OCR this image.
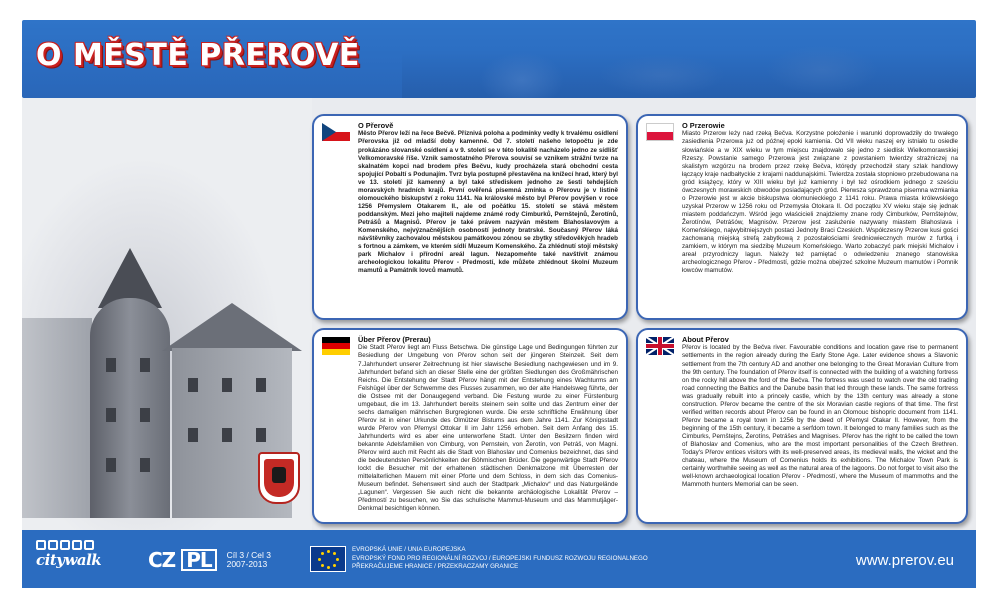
O MĚSTĚ PŘEROVĚ
O Přerově

Město Přerov leží na řece Bečvě. Příznivá poloha a podmínky vedly k trvalému osídlení Přerovska již od mladší doby kamenné. Od 7. století našeho letopočtu je zde prokázáno slovanské osídlení a v 9. století se v této lokalitě nacházelo jedno ze sídlišť Velkomoravské říše. Vznik samostatného Přerova souvisí se vznikem strážní tvrze na skalnatém kopci nad brodem přes Bečvu, kudy procházela stará obchodní cesta spojující Pobaltí s Podunajím. Tvrz byla postupně přestavěna na knížecí hrad, který byl ve 13. století již kamenný a byl také střediskem jednoho ze šesti tehdejších moravských hradních krajů. První ověřená písemná zmínka o Přerovu je v listině olomouckého biskupství z roku 1141. Na královské město byl Přerov povýšen v roce 1256 Přemyslem Otakarem II., ale od počátku 15. století se stává městem poddanským. Mezi jeho majiteli najdeme známé rody Cimburků, Pernštejnů, Žerotínů, Petrášů a Magnisů. Přerov je také právem nazýván městem Blahoslavovým a Komenského, nejvýznačnějších osobností jednoty bratrské. Současný Přerov láká návštěvníky zachovalou městskou památkovou zónou se zbytky středověkých hradeb s fortnou a zámkem, ve kterém sídlí Muzeum Komenského. Za zhlédnutí stojí městský park Michalov i přírodní areál lagun. Nezapomeňte také navštívit známou archeologickou lokalitu Přerov - Předmostí, kde můžete zhlédnout školní Muzeum mamutů a Památník lovců mamutů.

O Przerowie

Miasto Przerow leży nad rzeką Bečva. Korzystne położenie i warunki doprowadziły do trwałego zasiedlenia Przerowa już od późnej epoki kamienia. Od VII wieku naszej ery istniało tu osiedle słowiańskie a w XIX wieku w tym miejscu znajdowało się jedno z siedlisk Wielkomorawskiej Rzeszy. Powstanie samego Przerowa jest związane z powstaniem twierdzy strażniczej na skalistym wzgórzu na brodem przez rzekę Bečva, którędy przechodził stary szlak handlowy łączący kraje nadbałtyckie z krajami naddunajskimi. Twierdza została stopniowo przebudowana na gród książęcy, który w XIII wieku był już kamienny i był też ośrodkiem jednego z sześciu ówczesnych morawskich obwodów posiadających gród. Pierwsza sprawdzona pisemna wzmianka o Przerowie jest w akcie biskupstwa ołomunieckiego z 1141 roku. Prawa miasta królewskiego uzyskał Przerow w 1256 roku od Przemysła Otokara II. Od początku XV wieku staje się jednak miastem poddańczym. Wśród jego właścicieli znajdziemy znane rody Cimburków, Pernštejnów, Žerotínów, Petrášów, Magnisów. Przerow jest zasłużenie nazywany miastem Blahoslava i Komeńskiego, najwybitniejszych postaci Jednoty Braci Czeskich. Współczesny Przerow kusi gości zachowaną miejską strefą zabytkową z pozostałościami średniowiecznych murów z furtką i zamkiem, w którym ma siedzibę Muzeum Komeńskiego. Warto zobaczyć park miejski Michalov i areał przyrodniczy lagun. Należy też pamiętać o odwiedzeniu znanego stanowiska archeologicznego Přerov - Předmostí, gdzie można obejrzeć szkolne Muzeum mamutów i Pomnik łowców mamutów.

Über Přerov (Prerau)

Die Stadt Přerov liegt am Fluss Betschwa. Die günstige Lage und Bedingungen führten zur Besiedlung der Umgebung von Přerov schon seit der jüngeren Steinzeit. Seit dem 7.Jahrhundert unserer Zeitrechnung ist hier slawische Besiedlung nachgewiesen und im 9. Jahrhundert befand sich an dieser Stelle eine der größten Siedlungen des Großmährischen Reichs. Die Entstehung der Stadt Přerov hängt mit der Entstehung eines Wachturms am Felshügel über der Schwemme des Flusses zusammen, wo der alte Handelsweg führte, der die Ostsee mit der Donaugegend verband. Die Festung wurde zu einer Fürstenburg umgebaut, die im 13. Jahrhundert bereits steinern sein sollte und das Zentrum einer der sechs damaligen mährischen Burgregionen wurde. Die erste schriftliche Erwähnung über Přerov ist in einer Urkunde des Olmützer Bistums aus dem Jahre 1141. Zur Königsstadt wurde Přerov von Přemysl Ottokar II im Jahr 1256 erhoben. Seit dem Anfang des 15. Jahrhunderts wird es aber eine unterworfene Stadt. Unter den Besitzern finden wird bekannte Adelsfamilien von Cimburg, von Pernstein, von Žerotín, von Petráš, von Magni. Přerov wird auch mit Recht als die Stadt von Blahoslav und Comenius bezeichnet, das sind die bedeutendsten Persönlichkeiten der Böhmischen Brüder. Die gegenwärtige Stadt Přerov lockt die Besucher mit der erhaltenen städtischen Denkmalzone mit Überresten der mittelalterlichen Mauern mit einer Pforte und dem Schloss, in dem sich das Comenius-Museum befindet. Sehenswert sind auch der Stadtpark „Michalov“ und das Naturgelände „Lagunen“. Vergessen Sie auch nicht die bekannte archäologische Lokalität Přerov – Předmostí zu besuchen, wo Sie das schulische Mammut-Museum und das Mammutjäger-Denkmal besichtigen können.

About Přerov

Přerov is located by the Bečva river. Favourable conditions and location gave rise to permanent settlements in the region already during the Early Stone Age. Later evidence shows a Slavonic settlement from the 7th century AD and another one belonging to the Great Moravian Culture from the 9th century. The foundation of Přerov itself is connected with the building of a watching fortress on the rocky hill above the ford of the Bečva. The fortress was used to watch over the old trading road connecting the Baltics and the Danube basin that led through these lands. The same fortress was gradually rebuilt into a princely castle, which by the 13th century was already a stone construction. Přerov became the centre of the six Moravian castle regions of that time. The first verified written records about Přerov can be found in an Olomouc bishopric document from 1141. Přerov became a royal town in 1256 by the deed of Přemysl Otakar II. However, from the beginning of the 15th century, it became a serfdom town. It belonged to many families such as the Cimburks, Pernštejns, Žerotíns, Petrášes and Magnises. Přerov has the right to be called the town of Blahoslav and Comenius, who are the most important personalities of the Czech Brethren. Today's Přerov entices visitors with its well-preserved areas, its medieval walls, the wicket and the chateau, where the Museum of Comenius holds its exhibitions. The Michalov Town Park is certainly worthwhile seeing as well as the natural area of the lagoons. Do not forget to visit also the well-known archaeological location Přerov - Předmostí, where the Museum of mammoths and the Mammoth hunters Memorial can be seen.

citywalk CZ PL	Cíl 3 / Cel 3
2007-2013
EVROPSKÁ UNIE / UNIA EUROPEJSKA
EVROPSKÝ FOND PRO REGIONÁLNÍ ROZVOJ / EUROPEJSKI FUNDUSZ ROZWOJU REGIONALNEGO
PŘEKRAČUJEME HRANICE / PRZEKRACZAMY GRANICE	www.prerov.eu
